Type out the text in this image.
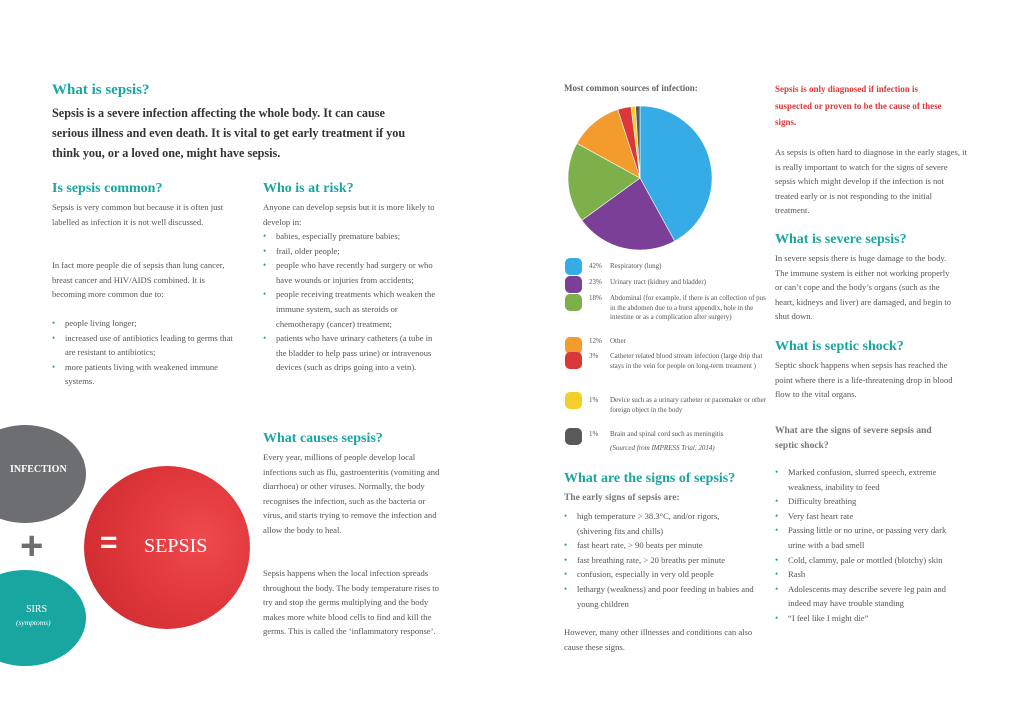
What is sepsis?
Sepsis is a severe infection affecting the whole body. It can cause serious illness and even death. It is vital to get early treatment if you think you, or a loved one, might have sepsis.
Is sepsis common?
Sepsis is very common but because it is often just labelled as infection it is not well discussed.
In fact more people die of sepsis than lung cancer, breast cancer and HIV/AIDS combined. It is becoming more common due to:
• people living longer;
• increased use of antibiotics leading to germs that are resistant to antibiotics;
• more patients living with weakened immune systems.
INFECTION
+
SIRS
(symptoms)
= SEPSIS
Who is at risk?
Anyone can develop sepsis but it is more likely to develop in:
• babies, especially premature babies;
• frail, older people;
• people who have recently had surgery or who have wounds or injuries from accidents;
• people receiving treatments which weaken the immune system, such as steroids or chemotherapy (cancer) treatment;
• patients who have urinary catheters (a tube in the bladder to help pass urine) or intravenous devices (such as drips going into a vein).
What causes sepsis?
Every year, millions of people develop local infections such as flu, gastroenteritis (vomiting and diarrhoea) or other viruses. Normally, the body recognises the infection, such as the bacteria or virus, and starts trying to remove the infection and allow the body to heal.
Sepsis happens when the local infection spreads throughout the body. The body temperature rises to try and stop the germs multiplying and the body makes more white blood cells to find and kill the germs. This is called the ‘inflammatory response’.
Most common sources of infection:
42% Respiratory (lung)
23% Urinary tract (kidney and bladder)
18% Abdominal (for example, if there is an collection of pus in the abdomen due to a burst appendix, hole in the intestine or as a complication after surgery)
12% Other
3% Catheter related blood stream infection (large drip that stays in the vein for people on long-term treatment )
1% Device such as a urinary catheter or pacemaker or other foreign object in the body
1% Brain and spinal cord such as meningitis
(Sourced from IMPRESS Trial, 2014)
What are the signs of sepsis?
The early signs of sepsis are:
• high temperature > 38.3°C, and/or rigors, (shivering fits and chills)
• fast heart rate, > 90 beats per minute
• fast breathing rate, > 20 breaths per minute
• confusion, especially in very old people
• lethargy (weakness) and poor feeding in babies and young children
However, many other illnesses and conditions can also cause these signs.
Sepsis is only diagnosed if infection is suspected or proven to be the cause of these signs.
As sepsis is often hard to diagnose in the early stages, it is really important to watch for the signs of severe sepsis which might develop if the infection is not treated early or is not responding to the initial treatment.
What is severe sepsis?
In severe sepsis there is huge damage to the body. The immune system is either not working properly or can’t cope and the body’s organs (such as the heart, kidneys and liver) are damaged, and begin to shut down.
What is septic shock?
Septic shock happens when sepsis has reached the point where there is a life-threatening drop in blood flow to the vital organs.
What are the signs of severe sepsis and septic shock?
• Marked confusion, slurred speech, extreme weakness, inability to feed
• Difficulty breathing
• Very fast heart rate
• Passing little or no urine, or passing very dark urine with a bad smell
• Cold, clammy, pale or mottled (blotchy) skin
• Rash
• Adolescents may describe severe leg pain and indeed may have trouble standing
• “I feel like I might die”
